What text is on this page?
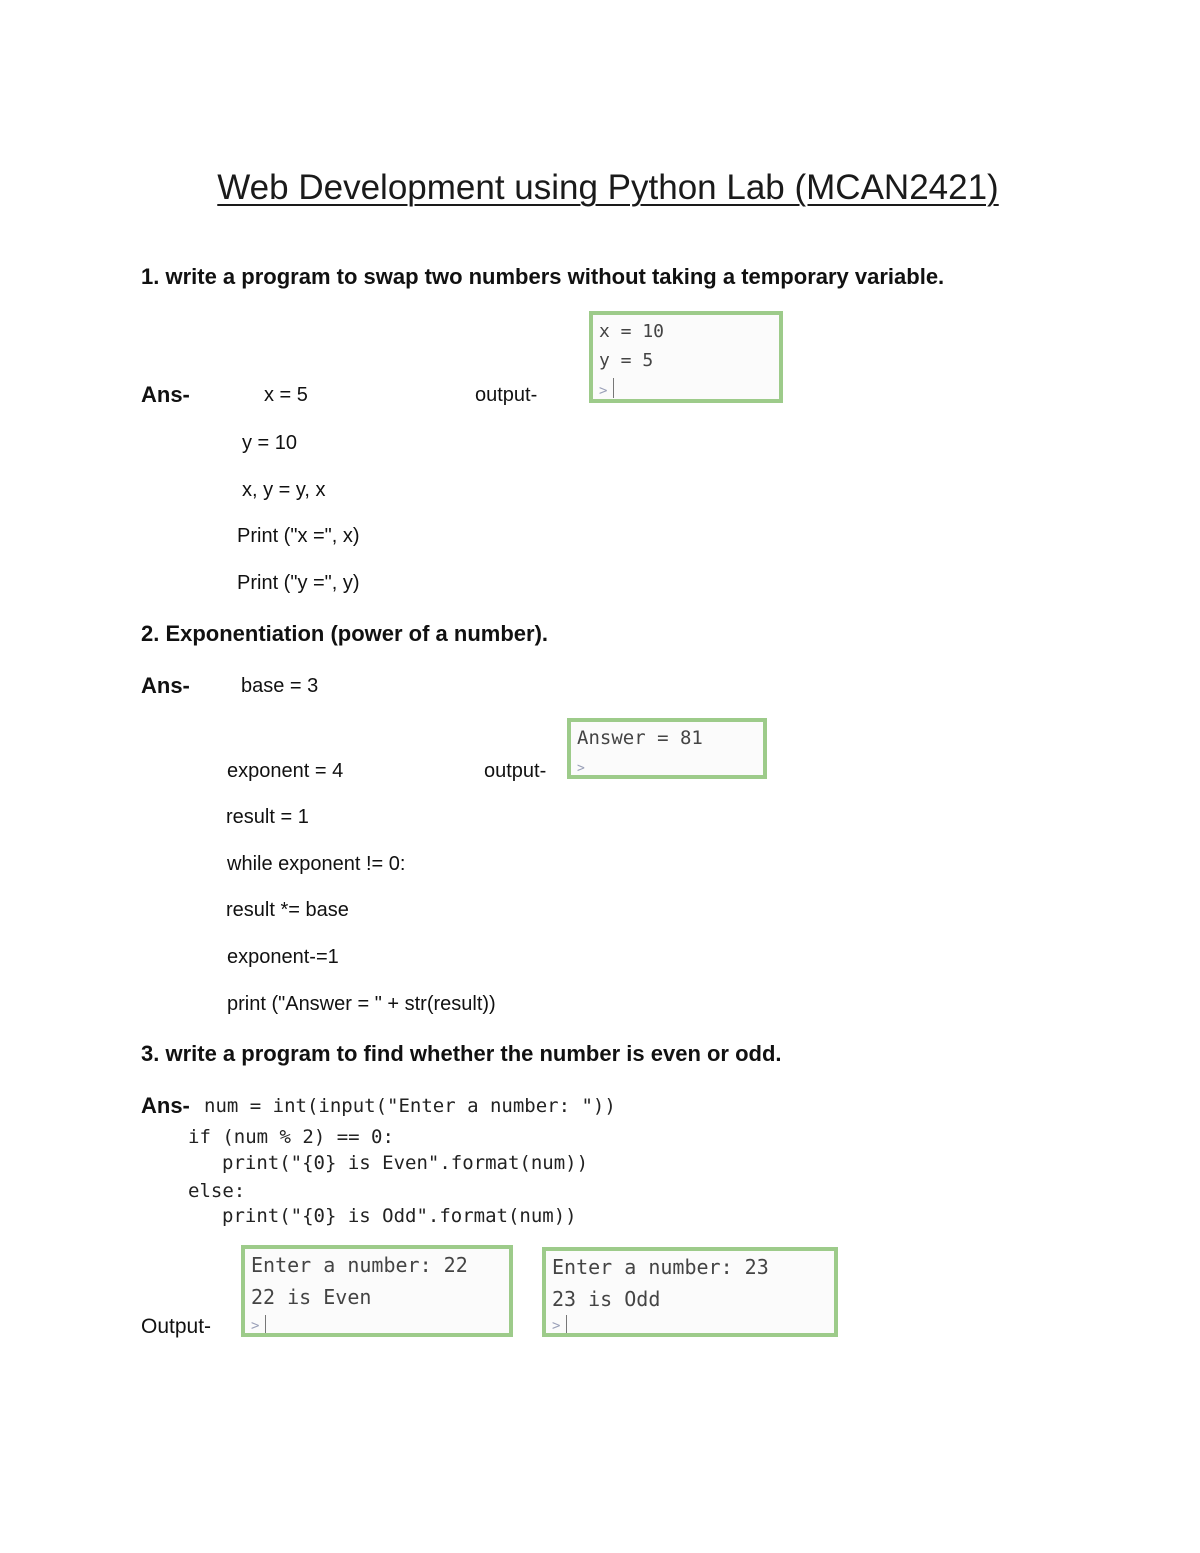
Web Development using Python Lab (MCAN2421)
1. write a program to swap two numbers without taking a temporary variable.
Ans-	x = 5
y = 10
x, y = y, x
Print ("x =", x)
Print ("y =", y)
output-
x = 10
y = 5
>
2. Exponentiation (power of a number).
Ans-	base = 3
exponent = 4
result = 1
while exponent != 0:
result *= base
exponent-=1
print ("Answer = " + str(result))
output-
Answer = 81
>
3. write a program to find whether the number is even or odd.
Ans- num = int(input("Enter a number: "))
if (num % 2) == 0:
print("{0} is Even".format(num))
else:
print("{0} is Odd".format(num))
Output-
Enter a number: 22
22 is Even
>
Enter a number: 23
23 is Odd
>
